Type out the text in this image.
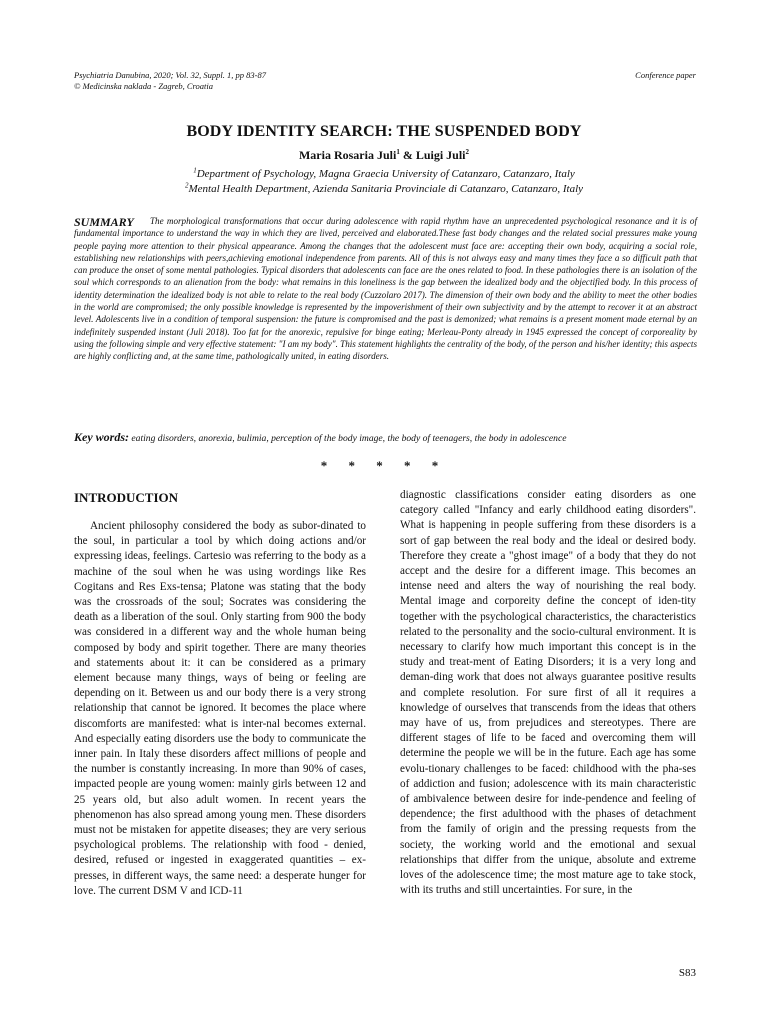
Psychiatria Danubina, 2020; Vol. 32, Suppl. 1, pp 83-87
© Medicinska naklada - Zagreb, Croatia
Conference paper
BODY IDENTITY SEARCH: THE SUSPENDED BODY
Maria Rosaria Juli$^1$ & Luigi Juli$^2$
$^1$Department of Psychology, Magna Graecia University of Catanzaro, Catanzaro, Italy
$^2$Mental Health Department, Azienda Sanitaria Provinciale di Catanzaro, Catanzaro, Italy

The morphological transformations that occur during adolescence with rapid rhythm have an unprecedented psychological resonance and it is of fundamental importance to understand the way in which they are lived, perceived and elaborated.These fast body changes and the related social pressures make young people paying more attention to their physical appearance. Among the changes that the adolescent must face are: accepting their own body, acquiring a social role, establishing new relationships with peers,achieving emotional independence from parents. All of this is not always easy and many times they face a so difficult path that can produce the onset of some mental pathologies. Typical disorders that adolescents can face are the ones related to food. In these pathologies there is an isolation of the soul which corresponds to an alienation from the body: what remains in this loneliness is the gap between the idealized body and the objectified body. In this process of identity determination the idealized body is not able to relate to the real body (Cuzzolaro 2017). The dimension of their own body and the ability to meet the other bodies in the world are compromised; the only possible knowledge is represented by the impoverishment of their own subjectivity and by the attempt to recover it at an abstract level. Adolescents live in a condition of temporal suspension: the future is compromised and the past is demonized; what remains is a present moment made eternal by an indefinitely suspended instant (Juli 2018). Too fat for the anorexic, repulsive for binge eating; Merleau-Ponty already in 1945 expressed the concept of corporeality by using the following simple and very effective statement: "I am my body". This statement highlights the centrality of the body, of the person and his/her identity; this aspects are highly conflicting and, at the same time, pathologically united, in eating disorders.

SUMMARY
Key words: eating disorders, anorexia, bulimia, perception of the body image, the body of teenagers, the body in adolescence
* * * * *
INTRODUCTION

Ancient philosophy considered the body as subor-dinated to the soul, in particular a tool by which doing actions and/or expressing ideas, feelings. Cartesio was referring to the body as a machine of the soul when he was using wordings like Res Cogitans and Res Exs-tensa; Platone was stating that the body was the crossroads of the soul; Socrates was considering the death as a liberation of the soul. Only starting from 900 the body was considered in a different way and the whole human being composed by body and spirit together. There are many theories and statements about it: it can be considered as a primary element because many things, ways of being or feeling are depending on it. Between us and our body there is a very strong relationship that cannot be ignored. It becomes the place where discomforts are manifested: what is inter-nal becomes external. And especially eating disorders use the body to communicate the inner pain. In Italy these disorders affect millions of people and the number is constantly increasing. In more than 90% of cases, impacted people are young women: mainly girls between 12 and 25 years old, but also adult women. In recent years the phenomenon has also spread among young men. These disorders must not be mistaken for appetite diseases; they are very serious psychological problems. The relationship with food - denied, desired, refused or ingested in exaggerated quantities – ex-presses, in different ways, the same need: a desperate hunger for love. The current DSM V and ICD-11

diagnostic classifications consider eating disorders as one category called "Infancy and early childhood eating disorders". What is happening in people suffering from these disorders is a sort of gap between the real body and the ideal or desired body. Therefore they create a "ghost image" of a body that they do not accept and the desire for a different image. This becomes an intense need and alters the way of nourishing the real body. Mental image and corporeity define the concept of iden-tity together with the psychological characteristics, the characteristics related to the personality and the socio-cultural environment. It is necessary to clarify how much important this concept is in the study and treat-ment of Eating Disorders; it is a very long and deman-ding work that does not always guarantee positive results and complete resolution. For sure first of all it requires a knowledge of ourselves that transcends from the ideas that others may have of us, from prejudices and stereotypes. There are different stages of life to be faced and overcoming them will determine the people we will be in the future. Each age has some evolu-tionary challenges to be faced: childhood with the pha-ses of addiction and fusion; adolescence with its main characteristic of ambivalence between desire for inde-pendence and feeling of dependence; the first adulthood with the phases of detachment from the family of origin and the pressing requests from the society, the working world and the emotional and sexual relationships that differ from the unique, absolute and extreme loves of the adolescence time; the most mature age to take stock, with its truths and still uncertainties. For sure, in the

S83
